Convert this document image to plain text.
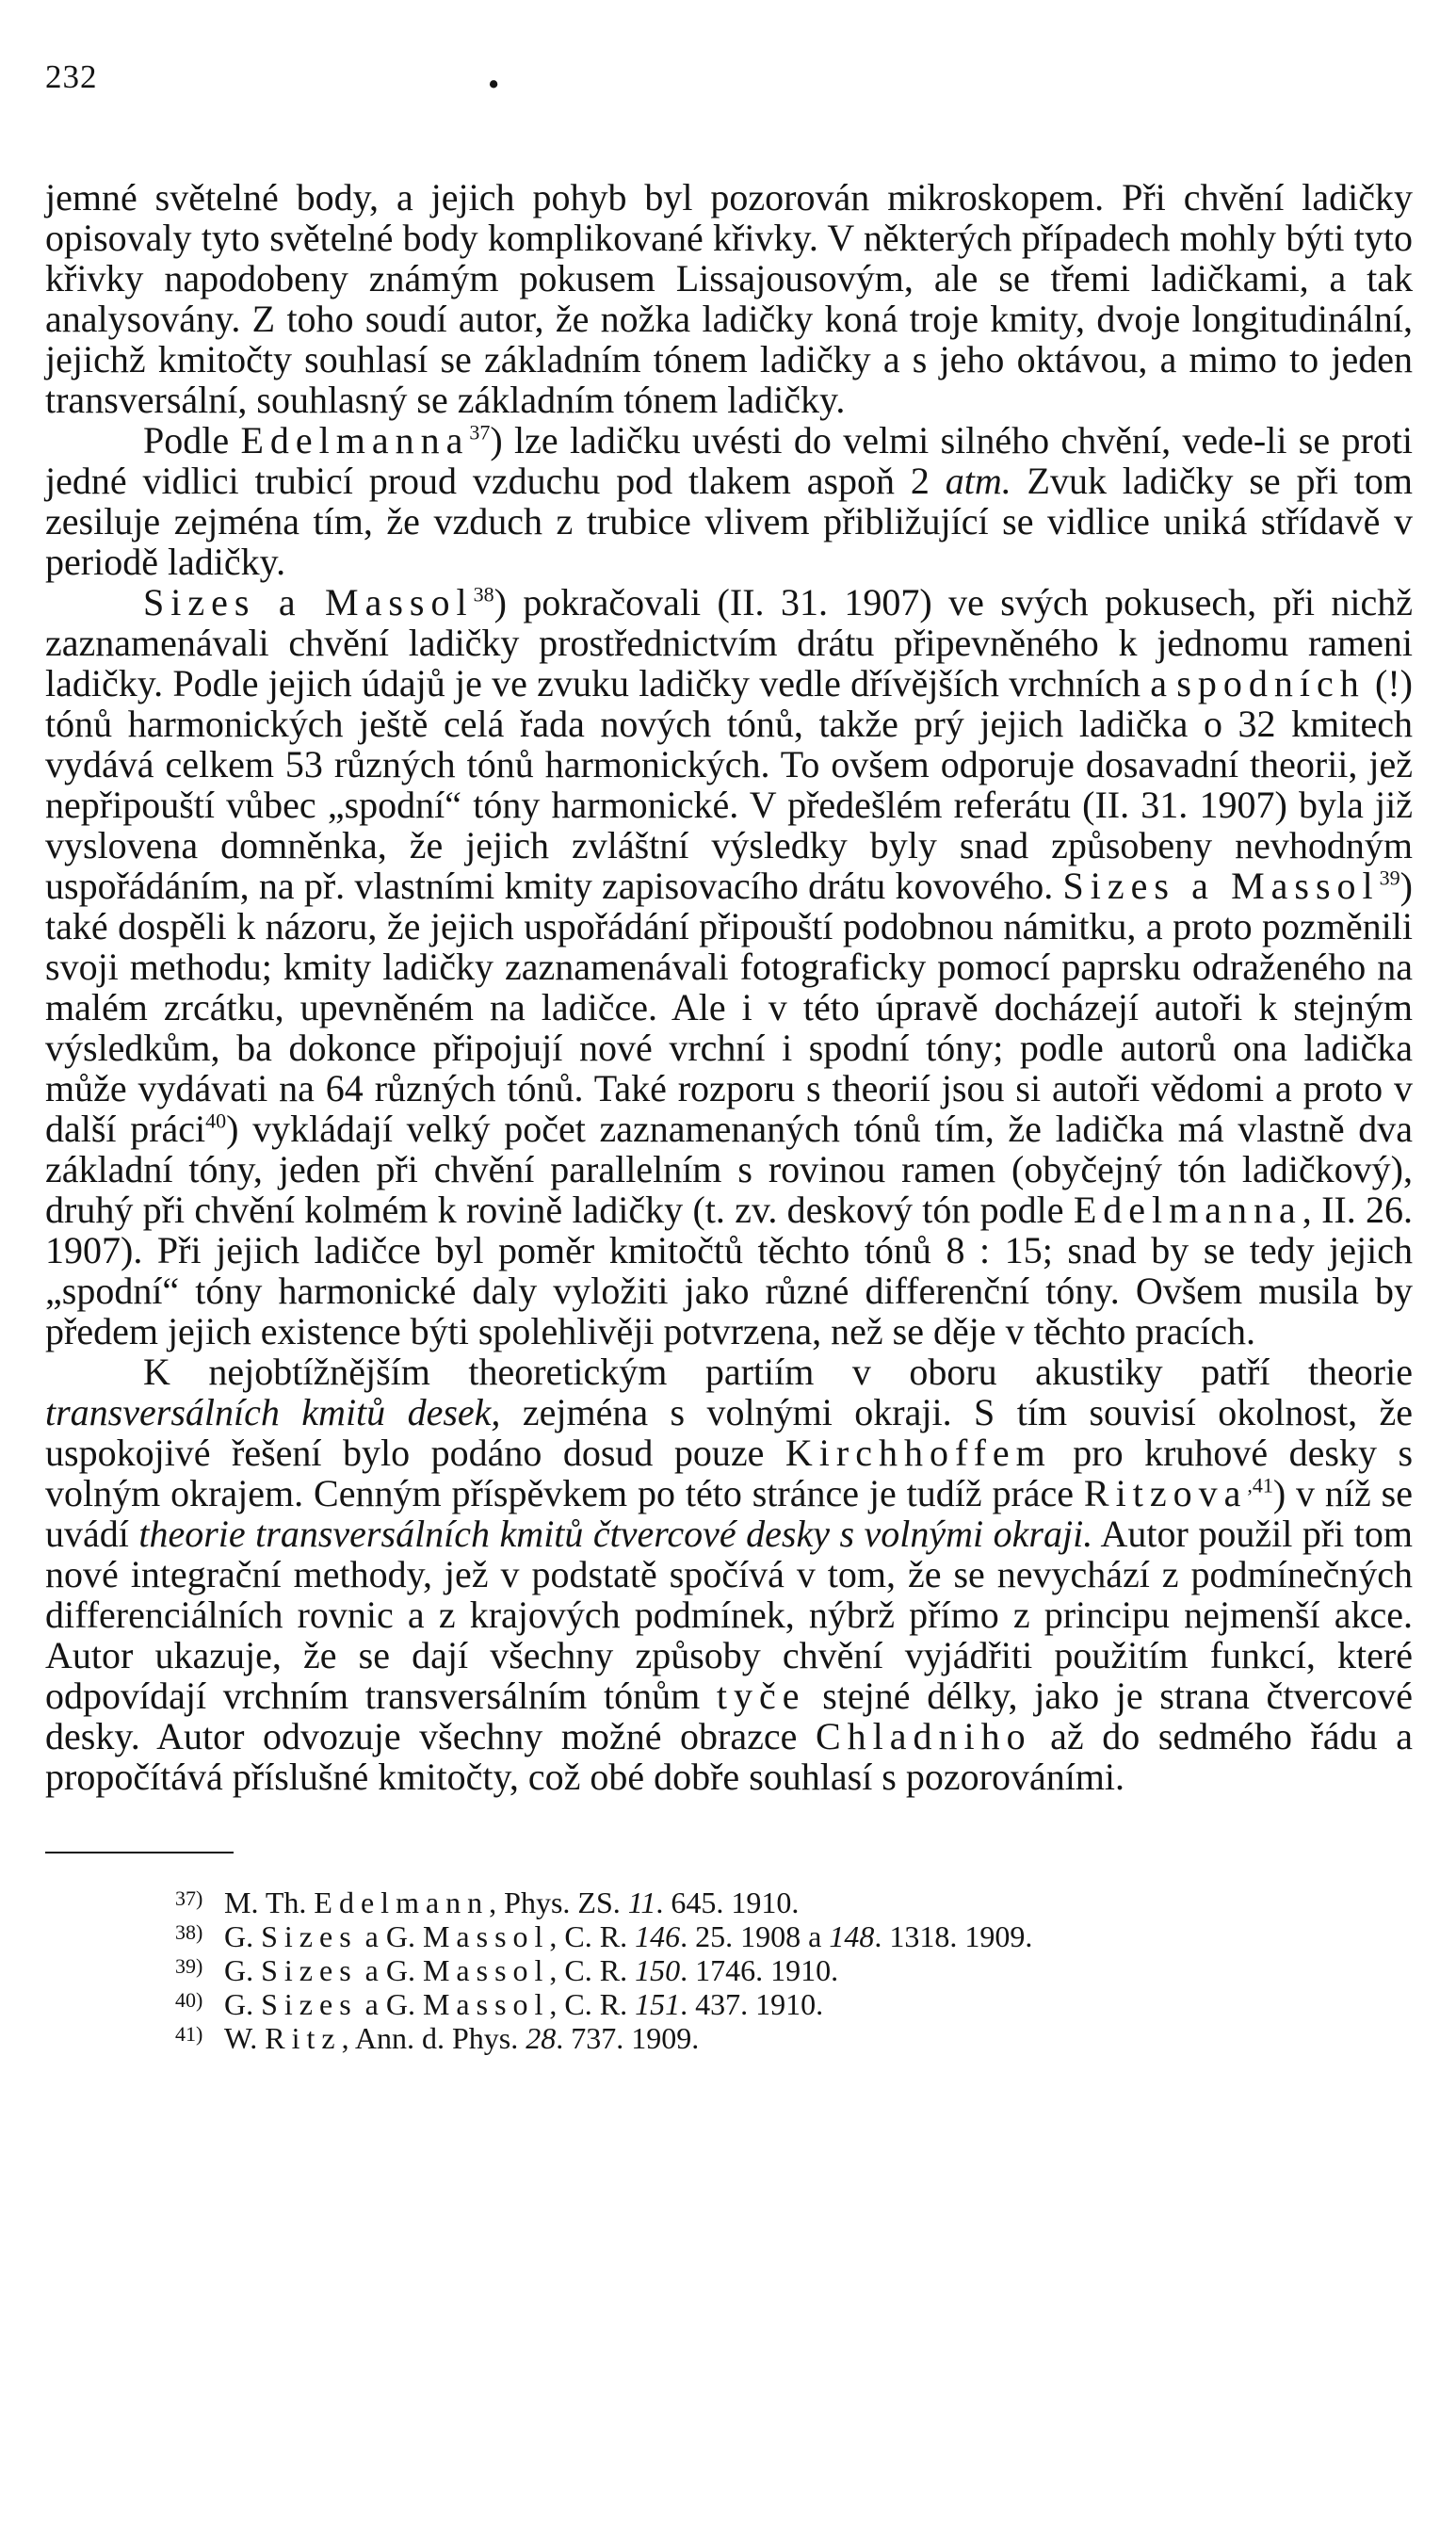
232	•

jemné světelné body, a jejich pohyb byl pozorován mikroskopem. Při chvění ladičky opisovaly tyto světelné body komplikované křivky. V některých případech mohly býti tyto křivky napodobeny známým pokusem Lissajousovým, ale se třemi ladičkami, a tak analysovány. Z toho soudí autor, že nožka ladičky koná troje kmity, dvoje longitudinální, jejichž kmitočty souhlasí se základním tónem ladičky a s jeho oktávou, a mimo to jeden transversální, souhlasný se základním tónem ladičky.

Podle Edelmanna$^{37}$) lze ladičku uvésti do velmi silného chvění, vede-li se proti jedné vidlici trubicí proud vzduchu pod tlakem aspoň 2 atm. Zvuk ladičky se při tom zesiluje zejména tím, že vzduch z trubice vlivem přibližující se vidlice uniká střídavě v periodě ladičky.

Sizes a Massol$^{38}$) pokračovali (II. 31. 1907) ve svých pokusech, při nichž zaznamenávali chvění ladičky prostřednictvím drátu připevněného k jednomu rameni ladičky. Podle jejich údajů je ve zvuku ladičky vedle dřívějších vrchních a spodních (!) tónů harmonických ještě celá řada nových tónů, takže prý jejich ladička o 32 kmitech vydává celkem 53 různých tónů harmonických. To ovšem odporuje dosavadní theorii, jež nepřipouští vůbec „spodní“ tóny harmonické. V předešlém referátu (II. 31. 1907) byla již vyslovena domněnka, že jejich zvláštní výsledky byly snad způsobeny nevhodným uspořádáním, na př. vlastními kmity zapisovacího drátu kovového. Sizes a Massol$^{39}$) také dospěli k názoru, že jejich uspořádání připouští podobnou námitku, a proto pozměnili svoji methodu; kmity ladičky zaznamenávali fotograficky pomocí paprsku odraženého na malém zrcátku, upevněném na ladičce. Ale i v této úpravě docházejí autoři k stejným výsledkům, ba dokonce připojují nové vrchní i spodní tóny; podle autorů ona ladička může vydávati na 64 různých tónů. Také rozporu s theorií jsou si autoři vědomi a proto v další práci$^{40}$) vykládají velký počet zaznamenaných tónů tím, že ladička má vlastně dva základní tóny, jeden při chvění parallelním s rovinou ramen (obyčejný tón ladičkový), druhý při chvění kolmém k rovině ladičky (t. zv. deskový tón podle Edelmanna, II. 26. 1907). Při jejich ladičce byl poměr kmitočtů těchto tónů 8 : 15; snad by se tedy jejich „spodní“ tóny harmonické daly vyložiti jako různé differenční tóny. Ovšem musila by předem jejich existence býti spolehlivěji potvrzena, než se děje v těchto pracích.

K nejobtížnějším theoretickým partiím v oboru akustiky patří theorie transversálních kmitů desek, zejména s volnými okraji. S tím souvisí okolnost, že uspokojivé řešení bylo podáno dosud pouze Kirchhoffem pro kruhové desky s volným okrajem. Cenným příspěvkem po této stránce je tudíž práce Ritzova$^{,41}$) v níž se uvádí theorie transversálních kmitů čtvercové desky s volnými okraji. Autor použil při tom nové integrační methody, jež v podstatě spočívá v tom, že se nevychází z podmínečných differenciálních rovnic a z krajových podmínek, nýbrž přímo z principu nejmenší akce. Autor ukazuje, že se dají všechny způsoby chvění vyjádřiti použitím funkcí, které odpovídají vrchním transversálním tónům tyče stejné délky, jako je strana čtvercové desky. Autor odvozuje všechny možné obrazce Chladniho až do sedmého řádu a propočítává příslušné kmitočty, což obé dobře souhlasí s pozorováními.

37) M. Th. Edelmann, Phys. ZS. 11. 645. 1910.
38) G. Sizes a G. Massol, C. R. 146. 25. 1908 a 148. 1318. 1909.
39) G. Sizes a G. Massol, C. R. 150. 1746. 1910.
40) G. Sizes a G. Massol, C. R. 151. 437. 1910.
41) W. Ritz, Ann. d. Phys. 28. 737. 1909.
